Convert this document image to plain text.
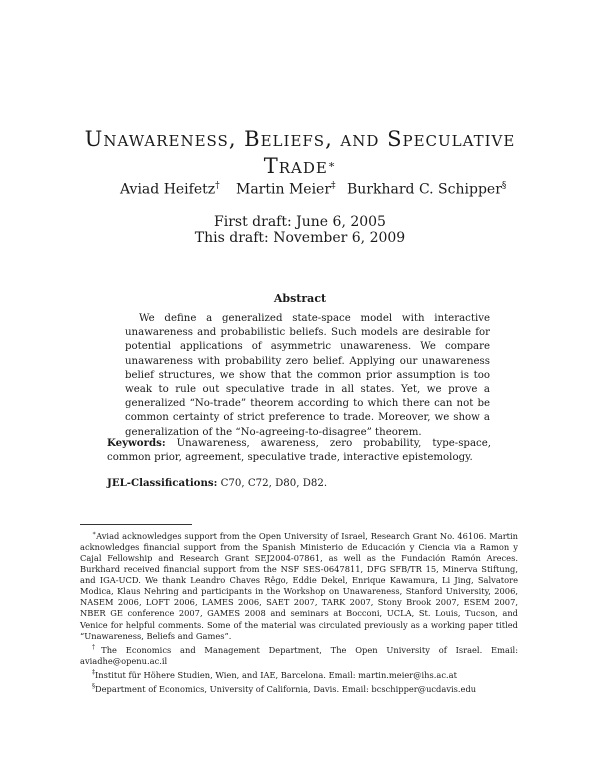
Unawareness, Beliefs, and Speculative Trade∗
Aviad Heifetz† Martin Meier‡ Burkhard C. Schipper§
First draft: June 6, 2005
This draft: November 6, 2009
Abstract

We define a generalized state-space model with interactive unawareness and probabilistic beliefs. Such models are desirable for potential applications of asymmetric unawareness. We compare unawareness with probability zero belief. Applying our unawareness belief structures, we show that the common prior assumption is too weak to rule out speculative trade in all states. Yet, we prove a generalized “No-trade” theorem according to which there can not be common certainty of strict preference to trade. Moreover, we show a generalization of the “No-agreeing-to-disagree” theorem.

Keywords: Unawareness, awareness, zero probability, type-space, common prior, agreement, speculative trade, interactive epistemology.

JEL-Classifications: C70, C72, D80, D82.

∗Aviad acknowledges support from the Open University of Israel, Research Grant No. 46106. Martin acknowledges financial support from the Spanish Ministerio de Educación y Ciencia via a Ramon y Cajal Fellowship and Research Grant SEJ2004-07861, as well as the Fundación Ramón Areces. Burkhard received financial support from the NSF SES-0647811, DFG SFB/TR 15, Minerva Stiftung, and IGA-UCD. We thank Leandro Chaves Rêgo, Eddie Dekel, Enrique Kawamura, Li Jing, Salvatore Modica, Klaus Nehring and participants in the Workshop on Unawareness, Stanford University, 2006, NASEM 2006, LOFT 2006, LAMES 2006, SAET 2007, TARK 2007, Stony Brook 2007, ESEM 2007, NBER GE conference 2007, GAMES 2008 and seminars at Bocconi, UCLA, St. Louis, Tucson, and Venice for helpful comments. Some of the material was circulated previously as a working paper titled “Unawareness, Beliefs and Games”.

†The Economics and Management Department, The Open University of Israel. Email: aviadhe@openu.ac.il

‡Institut für Höhere Studien, Wien, and IAE, Barcelona. Email: martin.meier@ihs.ac.at

§Department of Economics, University of California, Davis. Email: bcschipper@ucdavis.edu
